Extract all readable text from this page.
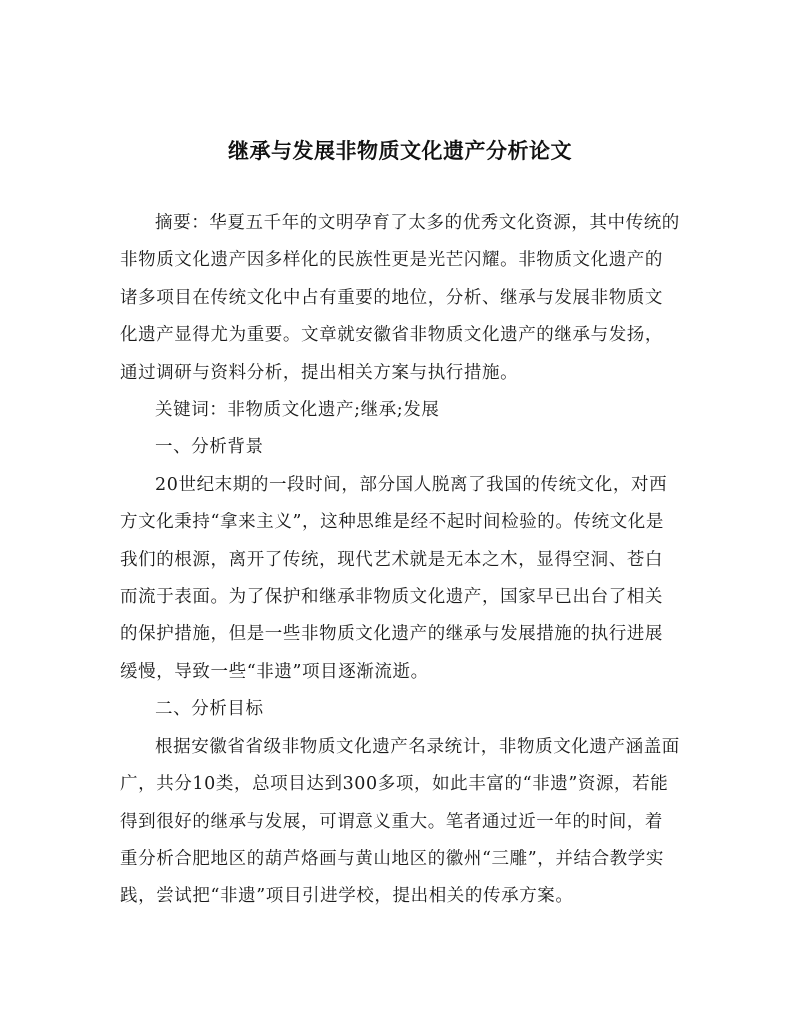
继承与发展非物质文化遗产分析论文

摘要：华夏五千年的文明孕育了太多的优秀文化资源，其中传统的非物质文化遗产因多样化的民族性更是光芒闪耀。非物质文化遗产的诸多项目在传统文化中占有重要的地位，分析、继承与发展非物质文化遗产显得尤为重要。文章就安徽省非物质文化遗产的继承与发扬，通过调研与资料分析，提出相关方案与执行措施。

关键词：非物质文化遗产;继承;发展

一、分析背景

20世纪末期的一段时间，部分国人脱离了我国的传统文化，对西方文化秉持“拿来主义”，这种思维是经不起时间检验的。传统文化是我们的根源，离开了传统，现代艺术就是无本之木，显得空洞、苍白而流于表面。为了保护和继承非物质文化遗产，国家早已出台了相关的保护措施，但是一些非物质文化遗产的继承与发展措施的执行进展缓慢，导致一些“非遗”项目逐渐流逝。

二、分析目标

根据安徽省省级非物质文化遗产名录统计，非物质文化遗产涵盖面广，共分10类，总项目达到300多项，如此丰富的“非遗”资源，若能得到很好的继承与发展，可谓意义重大。笔者通过近一年的时间，着重分析合肥地区的葫芦烙画与黄山地区的徽州“三雕”，并结合教学实践，尝试把“非遗”项目引进学校，提出相关的传承方案。
